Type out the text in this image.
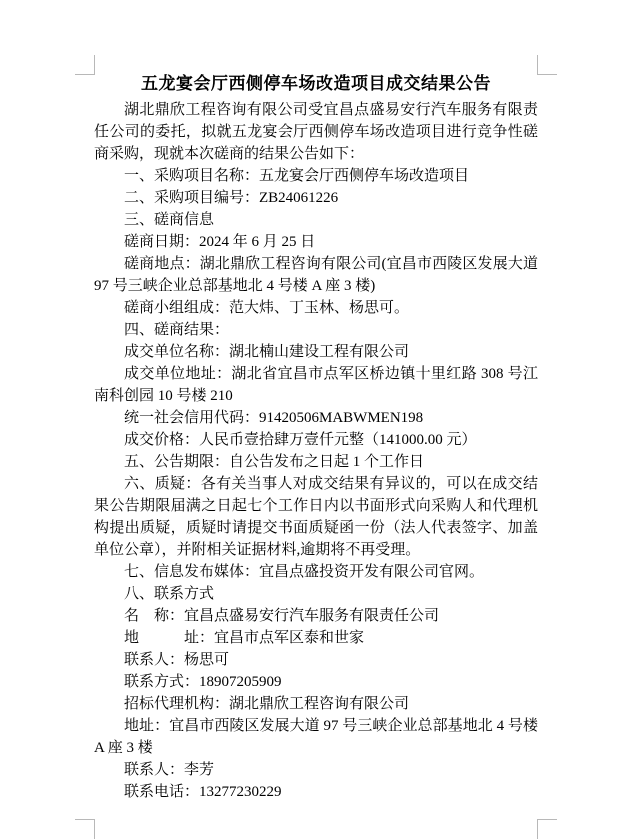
五龙宴会厅西侧停车场改造项目成交结果公告

湖北鼎欣工程咨询有限公司受宜昌点盛易安行汽车服务有限责任公司的委托，拟就五龙宴会厅西侧停车场改造项目进行竞争性磋商采购，现就本次磋商的结果公告如下：

一、采购项目名称：五龙宴会厅西侧停车场改造项目

二、采购项目编号：ZB24061226

三、磋商信息

磋商日期：2024 年 6 月 25 日

磋商地点：湖北鼎欣工程咨询有限公司(宜昌市西陵区发展大道 97 号三峡企业总部基地北 4 号楼 A 座 3 楼)

磋商小组组成：范大炜、丁玉林、杨思可。

四、磋商结果：

成交单位名称：湖北楠山建设工程有限公司

成交单位地址：湖北省宜昌市点军区桥边镇十里红路 308 号江南科创园 10 号楼 210

统一社会信用代码：91420506MABWMEN198

成交价格：人民币壹拾肆万壹仟元整（141000.00 元）

五、公告期限：自公告发布之日起 1 个工作日

六、质疑：各有关当事人对成交结果有异议的，可以在成交结果公告期限届满之日起七个工作日内以书面形式向采购人和代理机构提出质疑，质疑时请提交书面质疑函一份（法人代表签字、加盖单位公章），并附相关证据材料,逾期将不再受理。

七、信息发布媒体：宜昌点盛投资开发有限公司官网。

八、联系方式

名　称：宜昌点盛易安行汽车服务有限责任公司

地　　　址：宜昌市点军区泰和世家

联系人：杨思可

联系方式：18907205909

招标代理机构：湖北鼎欣工程咨询有限公司

地址：宜昌市西陵区发展大道 97 号三峡企业总部基地北 4 号楼 A 座 3 楼

联系人：李芳

联系电话：13277230229
